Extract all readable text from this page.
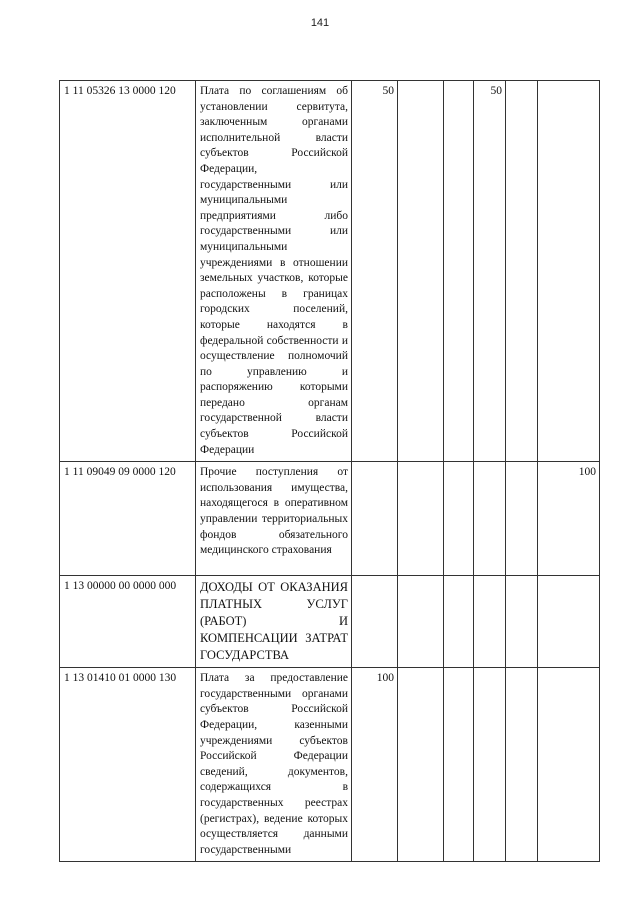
141
1 11 05326 13 0000 120	Плата по соглашениям об установлении сервитута, заключенным органами исполнительной власти субъектов Российской Федерации, государственными или муниципальными предприятиями либо государственными или муниципальными учреждениями в отношении земельных участков, которые расположены в границах городских поселений, которые находятся в федеральной собственности и осуществление полномочий по управлению и распоряжению которыми передано органам государственной власти субъектов Российской Федерации	50			50		
1 11 09049 09 0000 120	Прочие поступления от использования имущества, находящегося в оперативном управлении территориальных фондов обязательного медицинского страхования						100
1 13 00000 00 0000 000	ДОХОДЫ ОТ ОКАЗАНИЯ ПЛАТНЫХ УСЛУГ (РАБОТ) И КОМПЕНСАЦИИ ЗАТРАТ ГОСУДАРСТВА						
1 13 01410 01 0000 130	Плата за предоставление государственными органами субъектов Российской Федерации, казенными учреждениями субъектов Российской Федерации сведений, документов, содержащихся в государственных реестрах (регистрах), ведение которых осуществляется данными государственными	100					
